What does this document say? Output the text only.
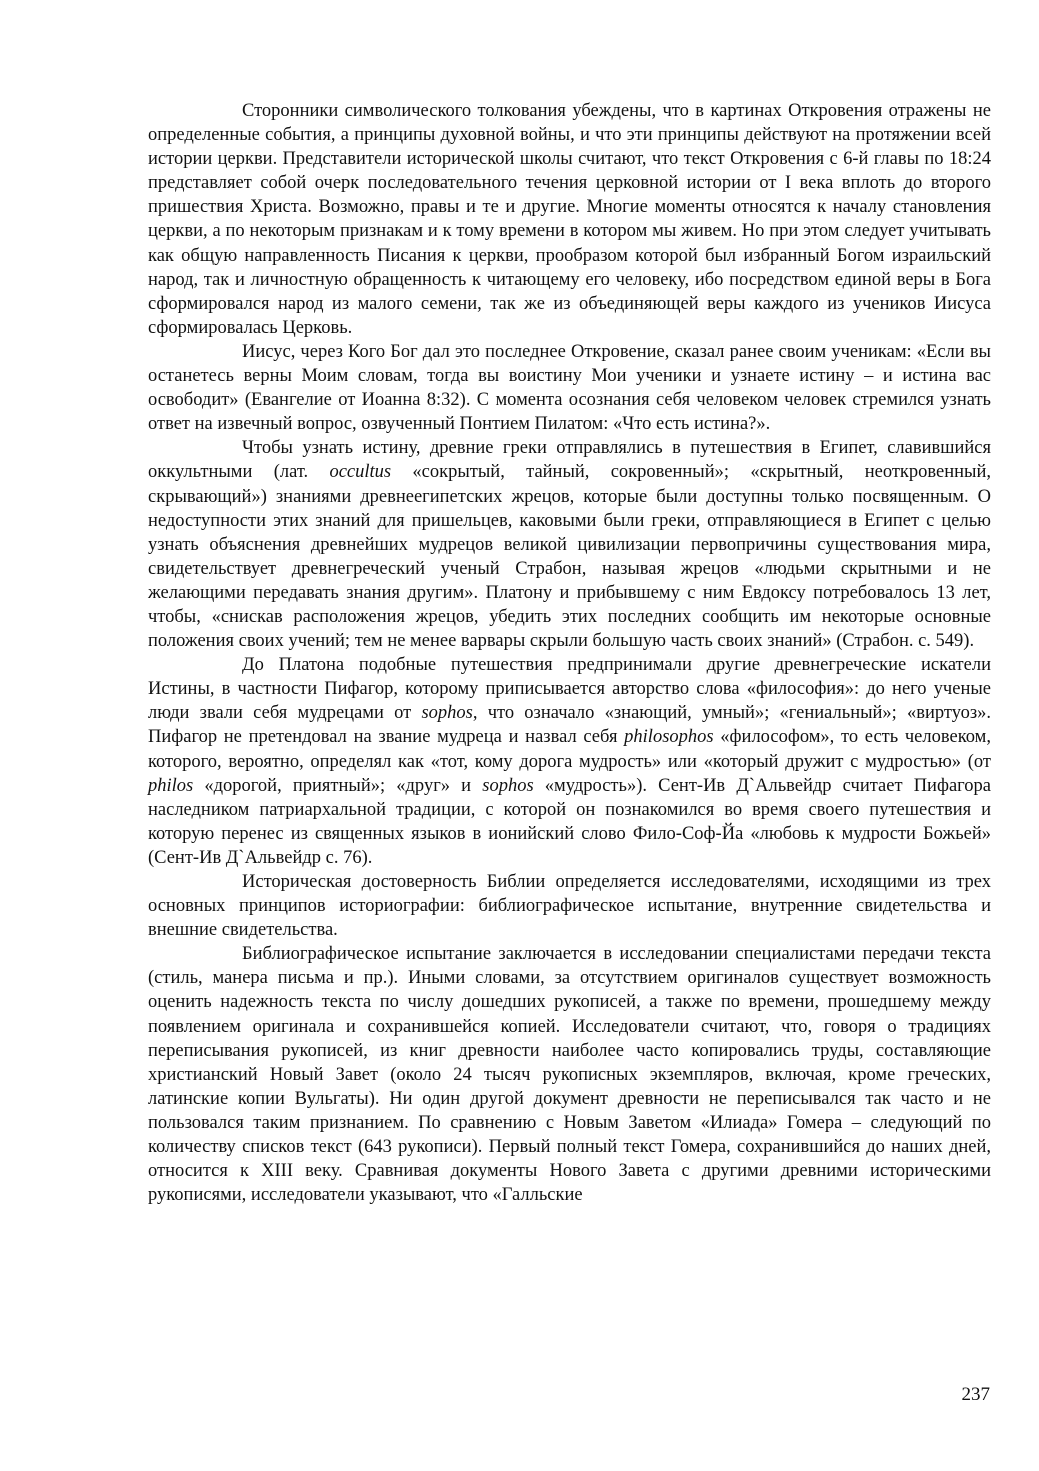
Сторонники символического толкования убеждены, что в картинах Откровения отражены не определенные события, а принципы духовной войны, и что эти принципы действуют на протяжении всей истории церкви. Представители исторической школы считают, что текст Откровения с 6-й главы по 18:24 представляет собой очерк последовательного течения церковной истории от I века вплоть до второго пришествия Христа. Возможно, правы и те и другие. Многие моменты относятся к началу становления церкви, а по некоторым признакам и к тому времени в котором мы живем. Но при этом следует учитывать как общую направленность Писания к церкви, прообразом которой был избранный Богом израильский народ, так и личностную обращенность к читающему его человеку, ибо посредством единой веры в Бога сформировался народ из малого семени, так же из объединяющей веры каждого из учеников Иисуса сформировалась Церковь.

Иисус, через Кого Бог дал это последнее Откровение, сказал ранее своим ученикам: «Если вы останетесь верны Моим словам, тогда вы воистину Мои ученики и узнаете истину – и истина вас освободит» (Евангелие от Иоанна 8:32). С момента осознания себя человеком человек стремился узнать ответ на извечный вопрос, озвученный Понтием Пилатом: «Что есть истина?».

Чтобы узнать истину, древние греки отправлялись в путешествия в Египет, славившийся оккультными (лат. occultus «сокрытый, тайный, сокровенный»; «скрытный, неоткровенный, скрывающий») знаниями древнеегипетских жрецов, которые были доступны только посвященным. О недоступности этих знаний для пришельцев, каковыми были греки, отправляющиеся в Египет с целью узнать объяснения древнейших мудрецов великой цивилизации первопричины существования мира, свидетельствует древнегреческий ученый Страбон, называя жрецов «людьми скрытными и не желающими передавать знания другим». Платону и прибывшему с ним Евдоксу потребовалось 13 лет, чтобы, «снискав расположения жрецов, убедить этих последних сообщить им некоторые основные положения своих учений; тем не менее варвары скрыли большую часть своих знаний» (Страбон. с. 549).

До Платона подобные путешествия предпринимали другие древнегреческие искатели Истины, в частности Пифагор, которому приписывается авторство слова «философия»: до него ученые люди звали себя мудрецами от sophos, что означало «знающий, умный»; «гениальный»; «виртуоз». Пифагор не претендовал на звание мудреца и назвал себя philosophos «философом», то есть человеком, которого, вероятно, определял как «тот, кому дорога мудрость» или «который дружит с мудростью» (от philos «дорогой, приятный»; «друг» и sophos «мудрость»). Сент-Ив Д`Альвейдр считает Пифагора наследником патриархальной традиции, с которой он познакомился во время своего путешествия и которую перенес из священных языков в ионийский слово Фило-Соф-Йа «любовь к мудрости Божьей» (Сент-Ив Д`Альвейдр с. 76).

Историческая достоверность Библии определяется исследователями, исходящими из трех основных принципов историографии: библиографическое испытание, внутренние свидетельства и внешние свидетельства.

Библиографическое испытание заключается в исследовании специалистами передачи текста (стиль, манера письма и пр.). Иными словами, за отсутствием оригиналов существует возможность оценить надежность текста по числу дошедших рукописей, а также по времени, прошедшему между появлением оригинала и сохранившейся копией. Исследователи считают, что, говоря о традициях переписывания рукописей, из книг древности наиболее часто копировались труды, составляющие христианский Новый Завет (около 24 тысяч рукописных экземпляров, включая, кроме греческих, латинские копии Вульгаты). Ни один другой документ древности не переписывался так часто и не пользовался таким признанием. По сравнению с Новым Заветом «Илиада» Гомера – следующий по количеству списков текст (643 рукописи). Первый полный текст Гомера, сохранившийся до наших дней, относится к XIII веку. Сравнивая документы Нового Завета с другими древними историческими рукописями, исследователи указывают, что «Галльские

237
